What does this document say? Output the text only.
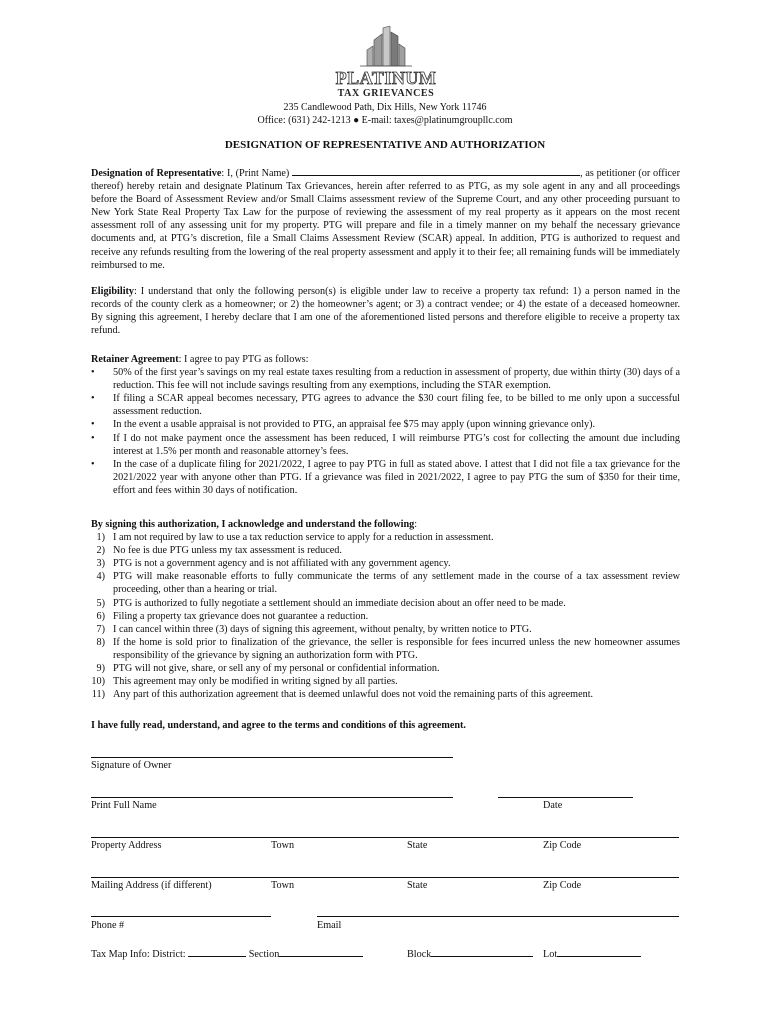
PLATINUM
TAX GRIEVANCES
235 Candlewood Path, Dix Hills, New York 11746
Office: (631) 242-1213 ● E-mail: taxes@platinumgroupllc.com
DESIGNATION OF REPRESENTATIVE AND AUTHORIZATION
Designation of Representative: I, (Print Name)	, as petitioner (or officer thereof) hereby retain and designate Platinum Tax Grievances, herein after referred to as PTG, as my sole agent in any and all proceedings before the Board of Assessment Review and/or Small Claims assessment review of the Supreme Court, and any other proceeding pursuant to New York State Real Property Tax Law for the purpose of reviewing the assessment of my real property as it appears on the most recent assessment roll of any assessing unit for my property. PTG will prepare and file in a timely manner on my behalf the necessary grievance documents and, at PTG’s discretion, file a Small Claims Assessment Review (SCAR) appeal. In addition, PTG is authorized to request and receive any refunds resulting from the lowering of the real property assessment and apply it to their fee; all remaining funds will be immediately reimbursed to me.
Eligibility: I understand that only the following person(s) is eligible under law to receive a property tax refund: 1) a person named in the records of the county clerk as a homeowner; or 2) the homeowner’s agent; or 3) a contract vendee; or 4) the estate of a deceased homeowner. By signing this agreement, I hereby declare that I am one of the aforementioned listed persons and therefore eligible to receive a property tax refund.
Retainer Agreement: I agree to pay PTG as follows:
• 50% of the first year’s savings on my real estate taxes resulting from a reduction in assessment of property, due within thirty (30) days of a reduction. This fee will not include savings resulting from any exemptions, including the STAR exemption.
• If filing a SCAR appeal becomes necessary, PTG agrees to advance the $30 court filing fee, to be billed to me only upon a successful assessment reduction.
• In the event a usable appraisal is not provided to PTG, an appraisal fee $75 may apply (upon winning grievance only).
• If I do not make payment once the assessment has been reduced, I will reimburse PTG’s cost for collecting the amount due including interest at 1.5% per month and reasonable attorney’s fees.
• In the case of a duplicate filing for 2021/2022, I agree to pay PTG in full as stated above. I attest that I did not file a tax grievance for the 2021/2022 year with anyone other than PTG. If a grievance was filed in 2021/2022, I agree to pay PTG the sum of $350 for their time, effort and fees within 30 days of notification.
By signing this authorization, I acknowledge and understand the following:
1) I am not required by law to use a tax reduction service to apply for a reduction in assessment.
2) No fee is due PTG unless my tax assessment is reduced.
3) PTG is not a government agency and is not affiliated with any government agency.
4) PTG will make reasonable efforts to fully communicate the terms of any settlement made in the course of a tax assessment review proceeding, other than a hearing or trial.
5) PTG is authorized to fully negotiate a settlement should an immediate decision about an offer need to be made.
6) Filing a property tax grievance does not guarantee a reduction.
7) I can cancel within three (3) days of signing this agreement, without penalty, by written notice to PTG.
8) If the home is sold prior to finalization of the grievance, the seller is responsible for fees incurred unless the new homeowner assumes responsibility of the grievance by signing an authorization form with PTG.
9) PTG will not give, share, or sell any of my personal or confidential information.
10) This agreement may only be modified in writing signed by all parties.
11) Any part of this authorization agreement that is deemed unlawful does not void the remaining parts of this agreement.
I have fully read, understand, and agree to the terms and conditions of this agreement.
Signature of Owner
Print Full Name	Date
Property Address	Town	State	Zip Code
Mailing Address (if different)	Town	State	Zip Code
Phone #	Email
Tax Map Info: District:	Section	Block	Lot
